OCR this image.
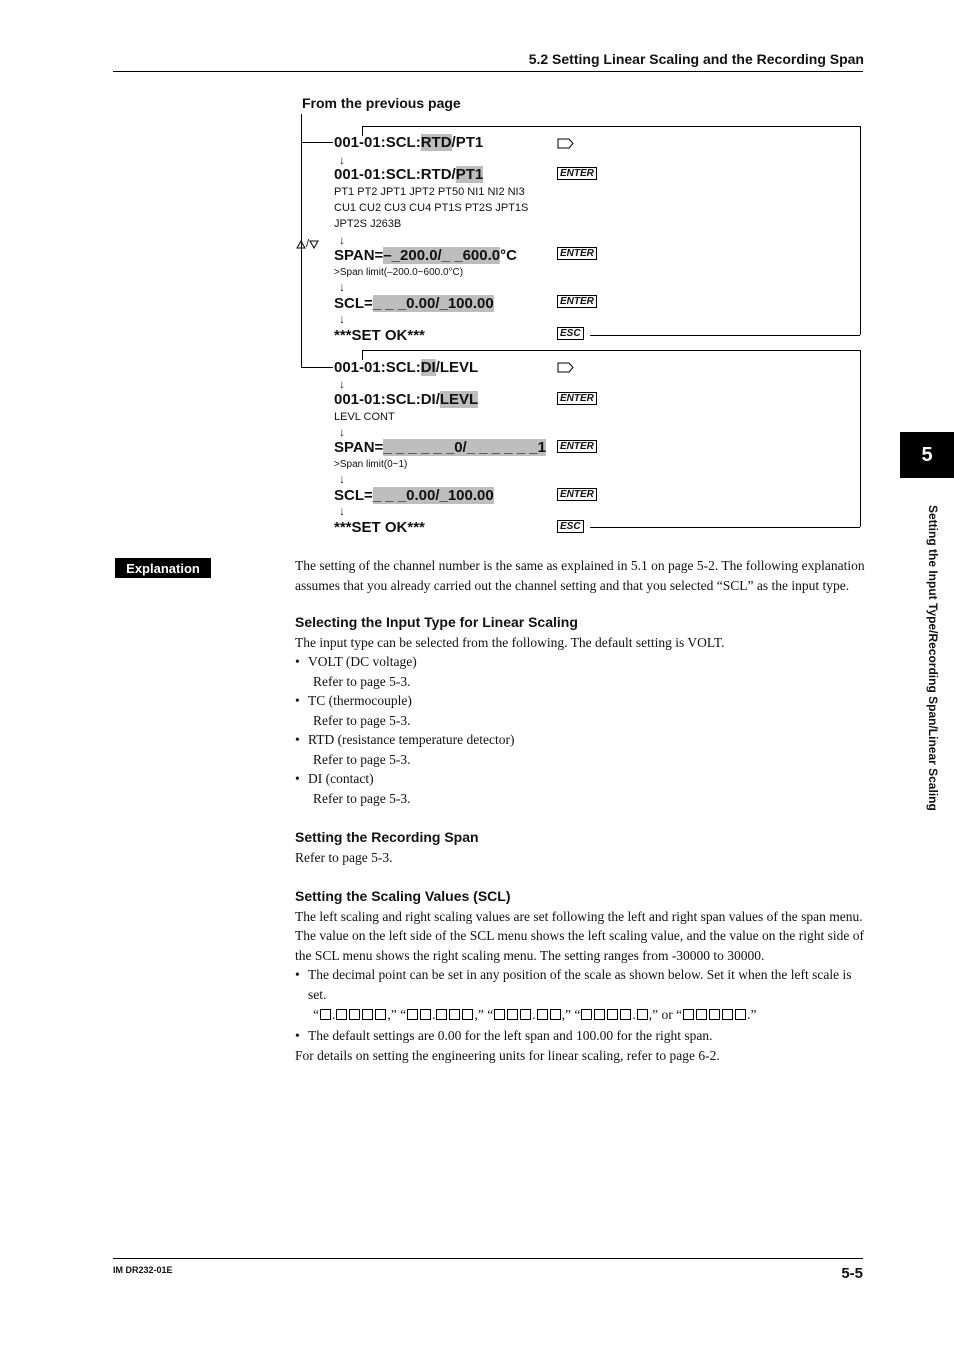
5.2 Setting Linear Scaling and the Recording Span
5
Setting the Input Type/Recording Span/Linear Scaling
From the previous page
/
001-01:SCL:RTD/PT1
↓
001-01:SCL:RTD/PT1	ENTER
PT1 PT2 JPT1 JPT2 PT50 NI1 NI2 NI3
CU1 CU2 CU3 CU4 PT1S PT2S JPT1S
JPT2S J263B
↓
SPAN=–_200.0/_ _600.0°C	ENTER
>Span limit(–200.0~600.0°C)
↓
SCL=_ _ _0.00/_100.00	ENTER
↓
***SET OK***	ESC
001-01:SCL:DI/LEVL
↓
001-01:SCL:DI/LEVL	ENTER
LEVL CONT
↓
SPAN=_ _ _ _ _ _0/_ _ _ _ _ _1	ENTER
>Span limit(0~1)
↓
SCL=_ _ _0.00/_100.00	ENTER
↓
***SET OK***	ESC
Explanation	The setting of the channel number is the same as explained in 5.1 on page 5-2. The following explanation assumes that you already carried out the channel setting and that you selected “SCL” as the input type.

Selecting the Input Type for Linear Scaling

The input type can be selected from the following. The default setting is VOLT.

• VOLT (DC voltage)

Refer to page 5-3.

• TC (thermocouple)

Refer to page 5-3.

• RTD (resistance temperature detector)

Refer to page 5-3.

• DI (contact)

Refer to page 5-3.

Setting the Recording Span

Refer to page 5-3.

Setting the Scaling Values (SCL)

The left scaling and right scaling values are set following the left and right span values of the span menu. The value on the left side of the SCL menu shows the left scaling value, and the value on the right side of the SCL menu shows the right scaling menu. The setting ranges from -30000 to 30000.

• The decimal point can be set in any position of the scale as shown below. Set it when the left scale is set.

“ .	,” “ .	,” “	. ,” “	. ,” or “	.”

• The default settings are 0.00 for the left span and 100.00 for the right span.

For details on setting the engineering units for linear scaling, refer to page 6-2.

IM DR232-01E	5-5
